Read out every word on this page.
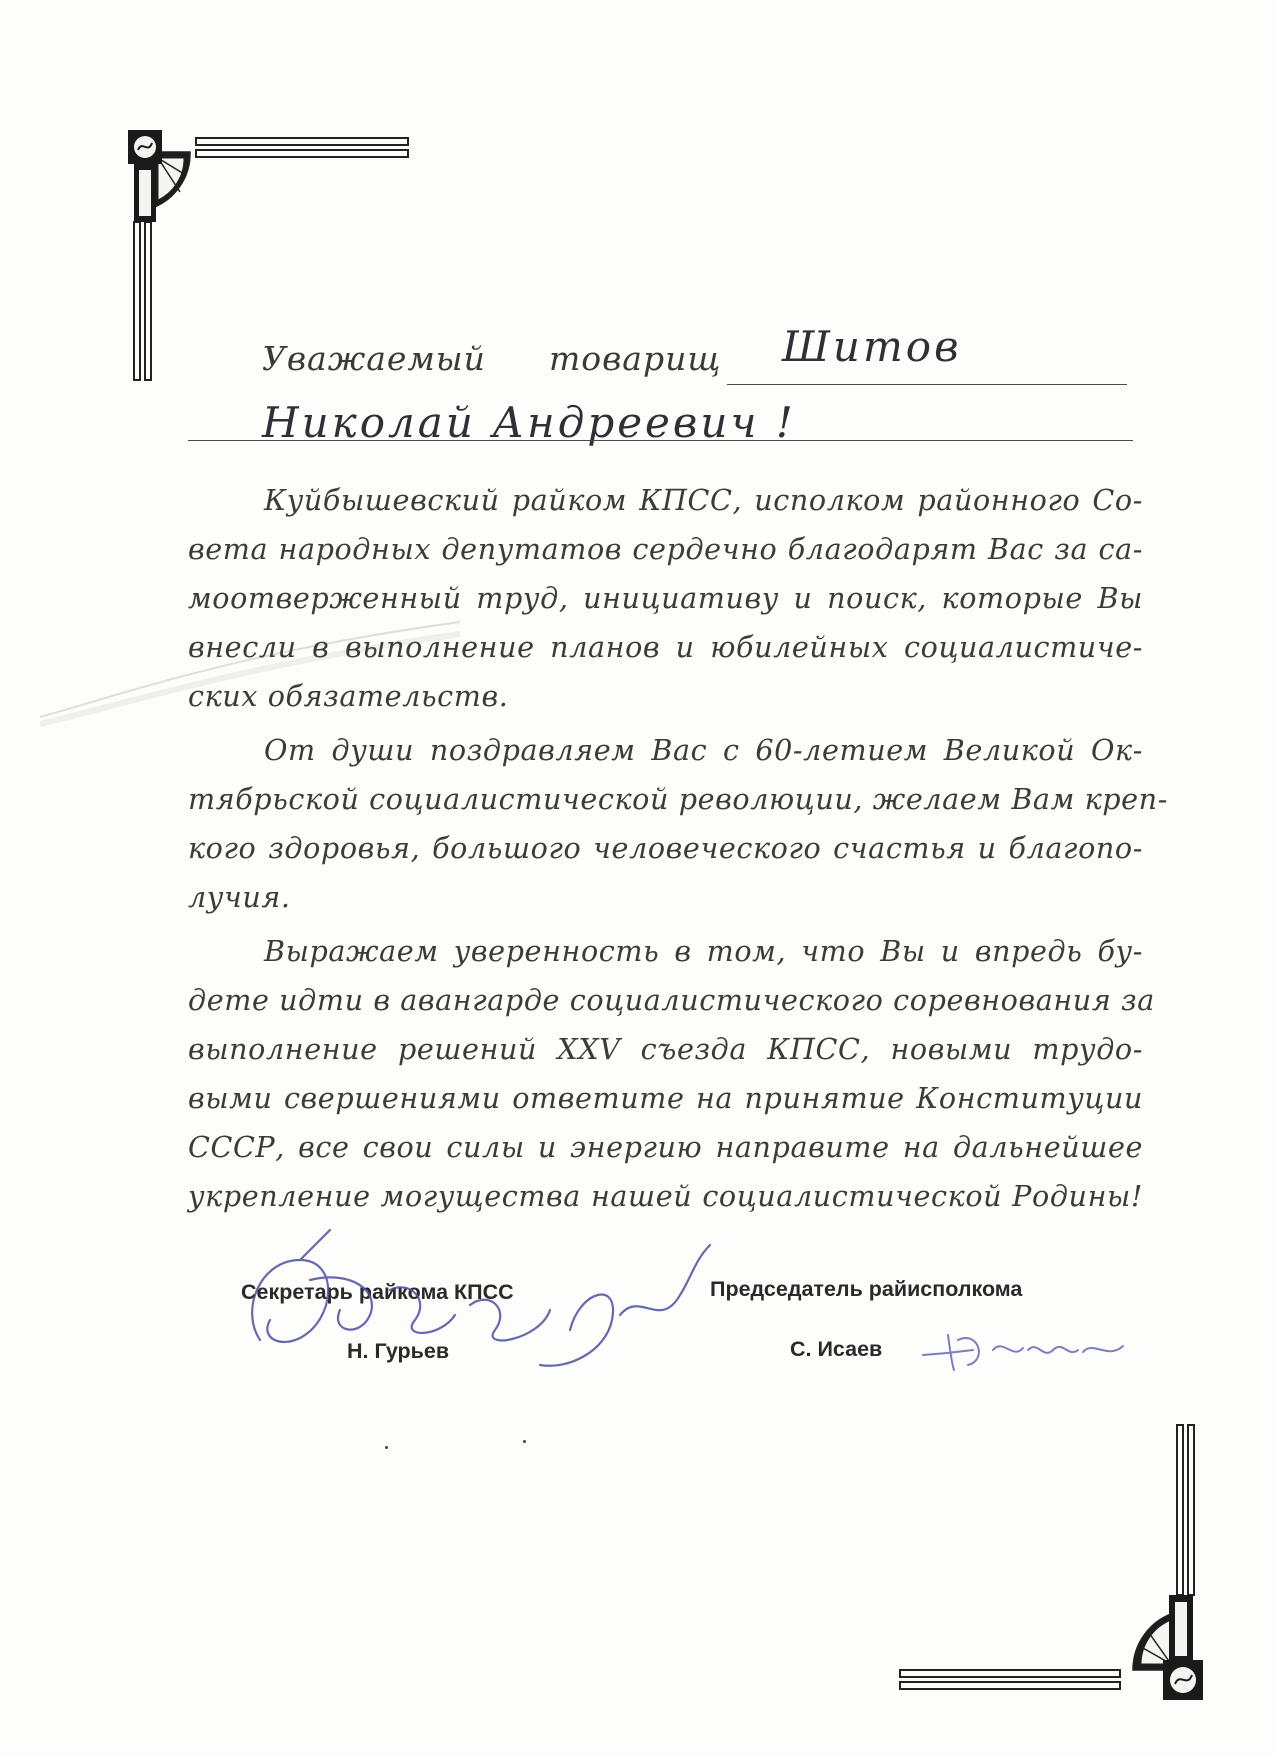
Уважаемый товарищ Шитов
Николай Андреевич !
Куйбышевский райком КПСС, исполком районного Со-
вета народных депутатов сердечно благодарят Вас за са-
моотверженный труд, инициативу и поиск, которые Вы
внесли в выполнение планов и юбилейных социалистиче-
ских обязательств.
От души поздравляем Вас с 60-летием Великой Ок-
тябрьской социалистической революции, желаем Вам креп-
кого здоровья, большого человеческого счастья и благопо-
лучия.
Выражаем уверенность в том, что Вы и впредь бу-
дете идти в авангарде социалистического соревнования за
выполнение решений XXV съезда КПСС, новыми трудо-
выми свершениями ответите на принятие Конституции
СССР, все свои силы и энергию направите на дальнейшее
укрепление могущества нашей социалистической Родины!
Секретарь райкома КПСС
Н. Гурьев
Председатель райисполкома
С. Исаев
